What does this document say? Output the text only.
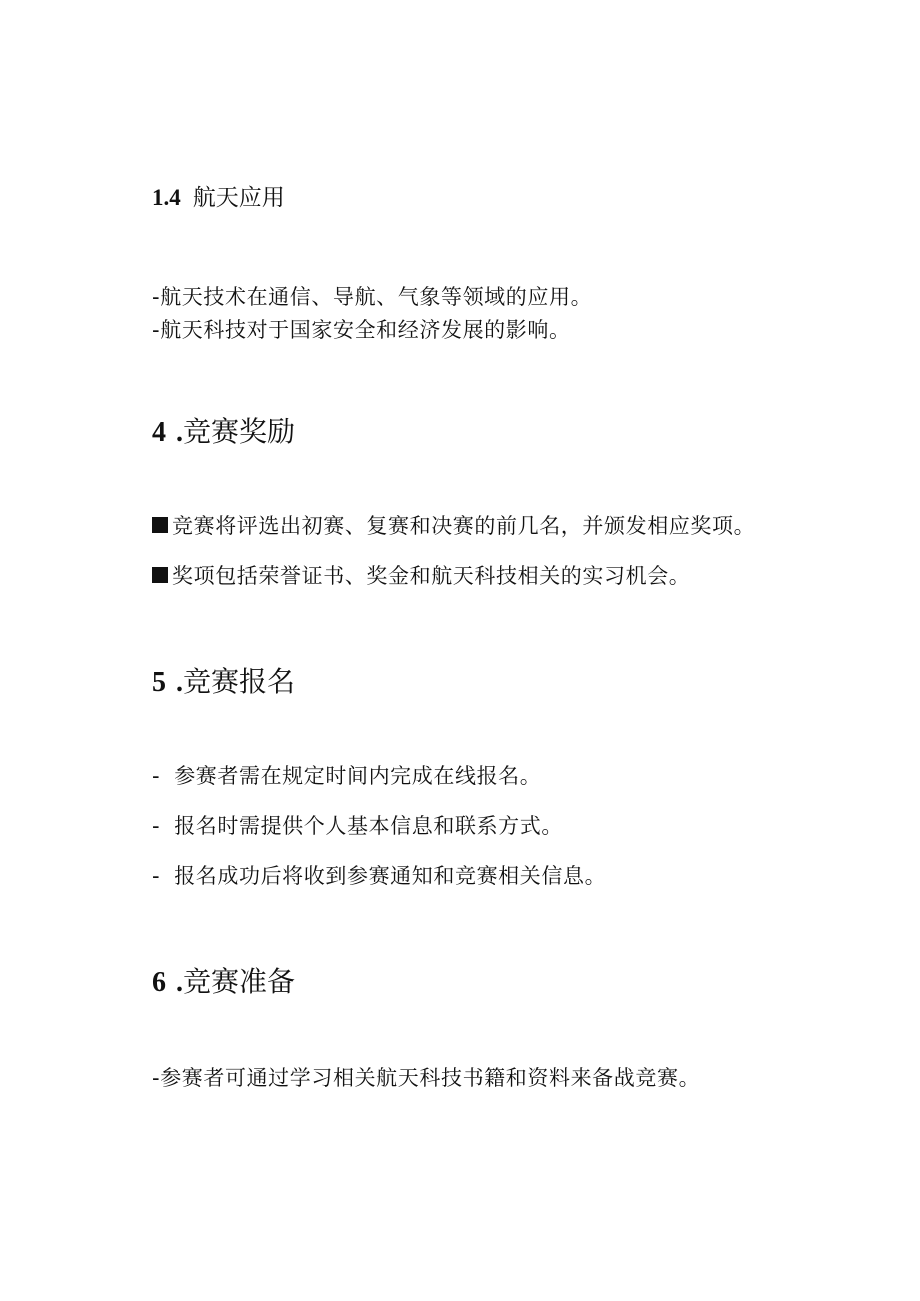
1.4 航天应用
-航天技术在通信、导航、气象等领域的应用。
-航天科技对于国家安全和经济发展的影响。
4 .竞赛奖励
竞赛将评选出初赛、复赛和决赛的前几名，并颁发相应奖项。
奖项包括荣誉证书、奖金和航天科技相关的实习机会。
5 .竞赛报名
- 参赛者需在规定时间内完成在线报名。
- 报名时需提供个人基本信息和联系方式。
- 报名成功后将收到参赛通知和竞赛相关信息。
6 .竞赛准备
-参赛者可通过学习相关航天科技书籍和资料来备战竞赛。
